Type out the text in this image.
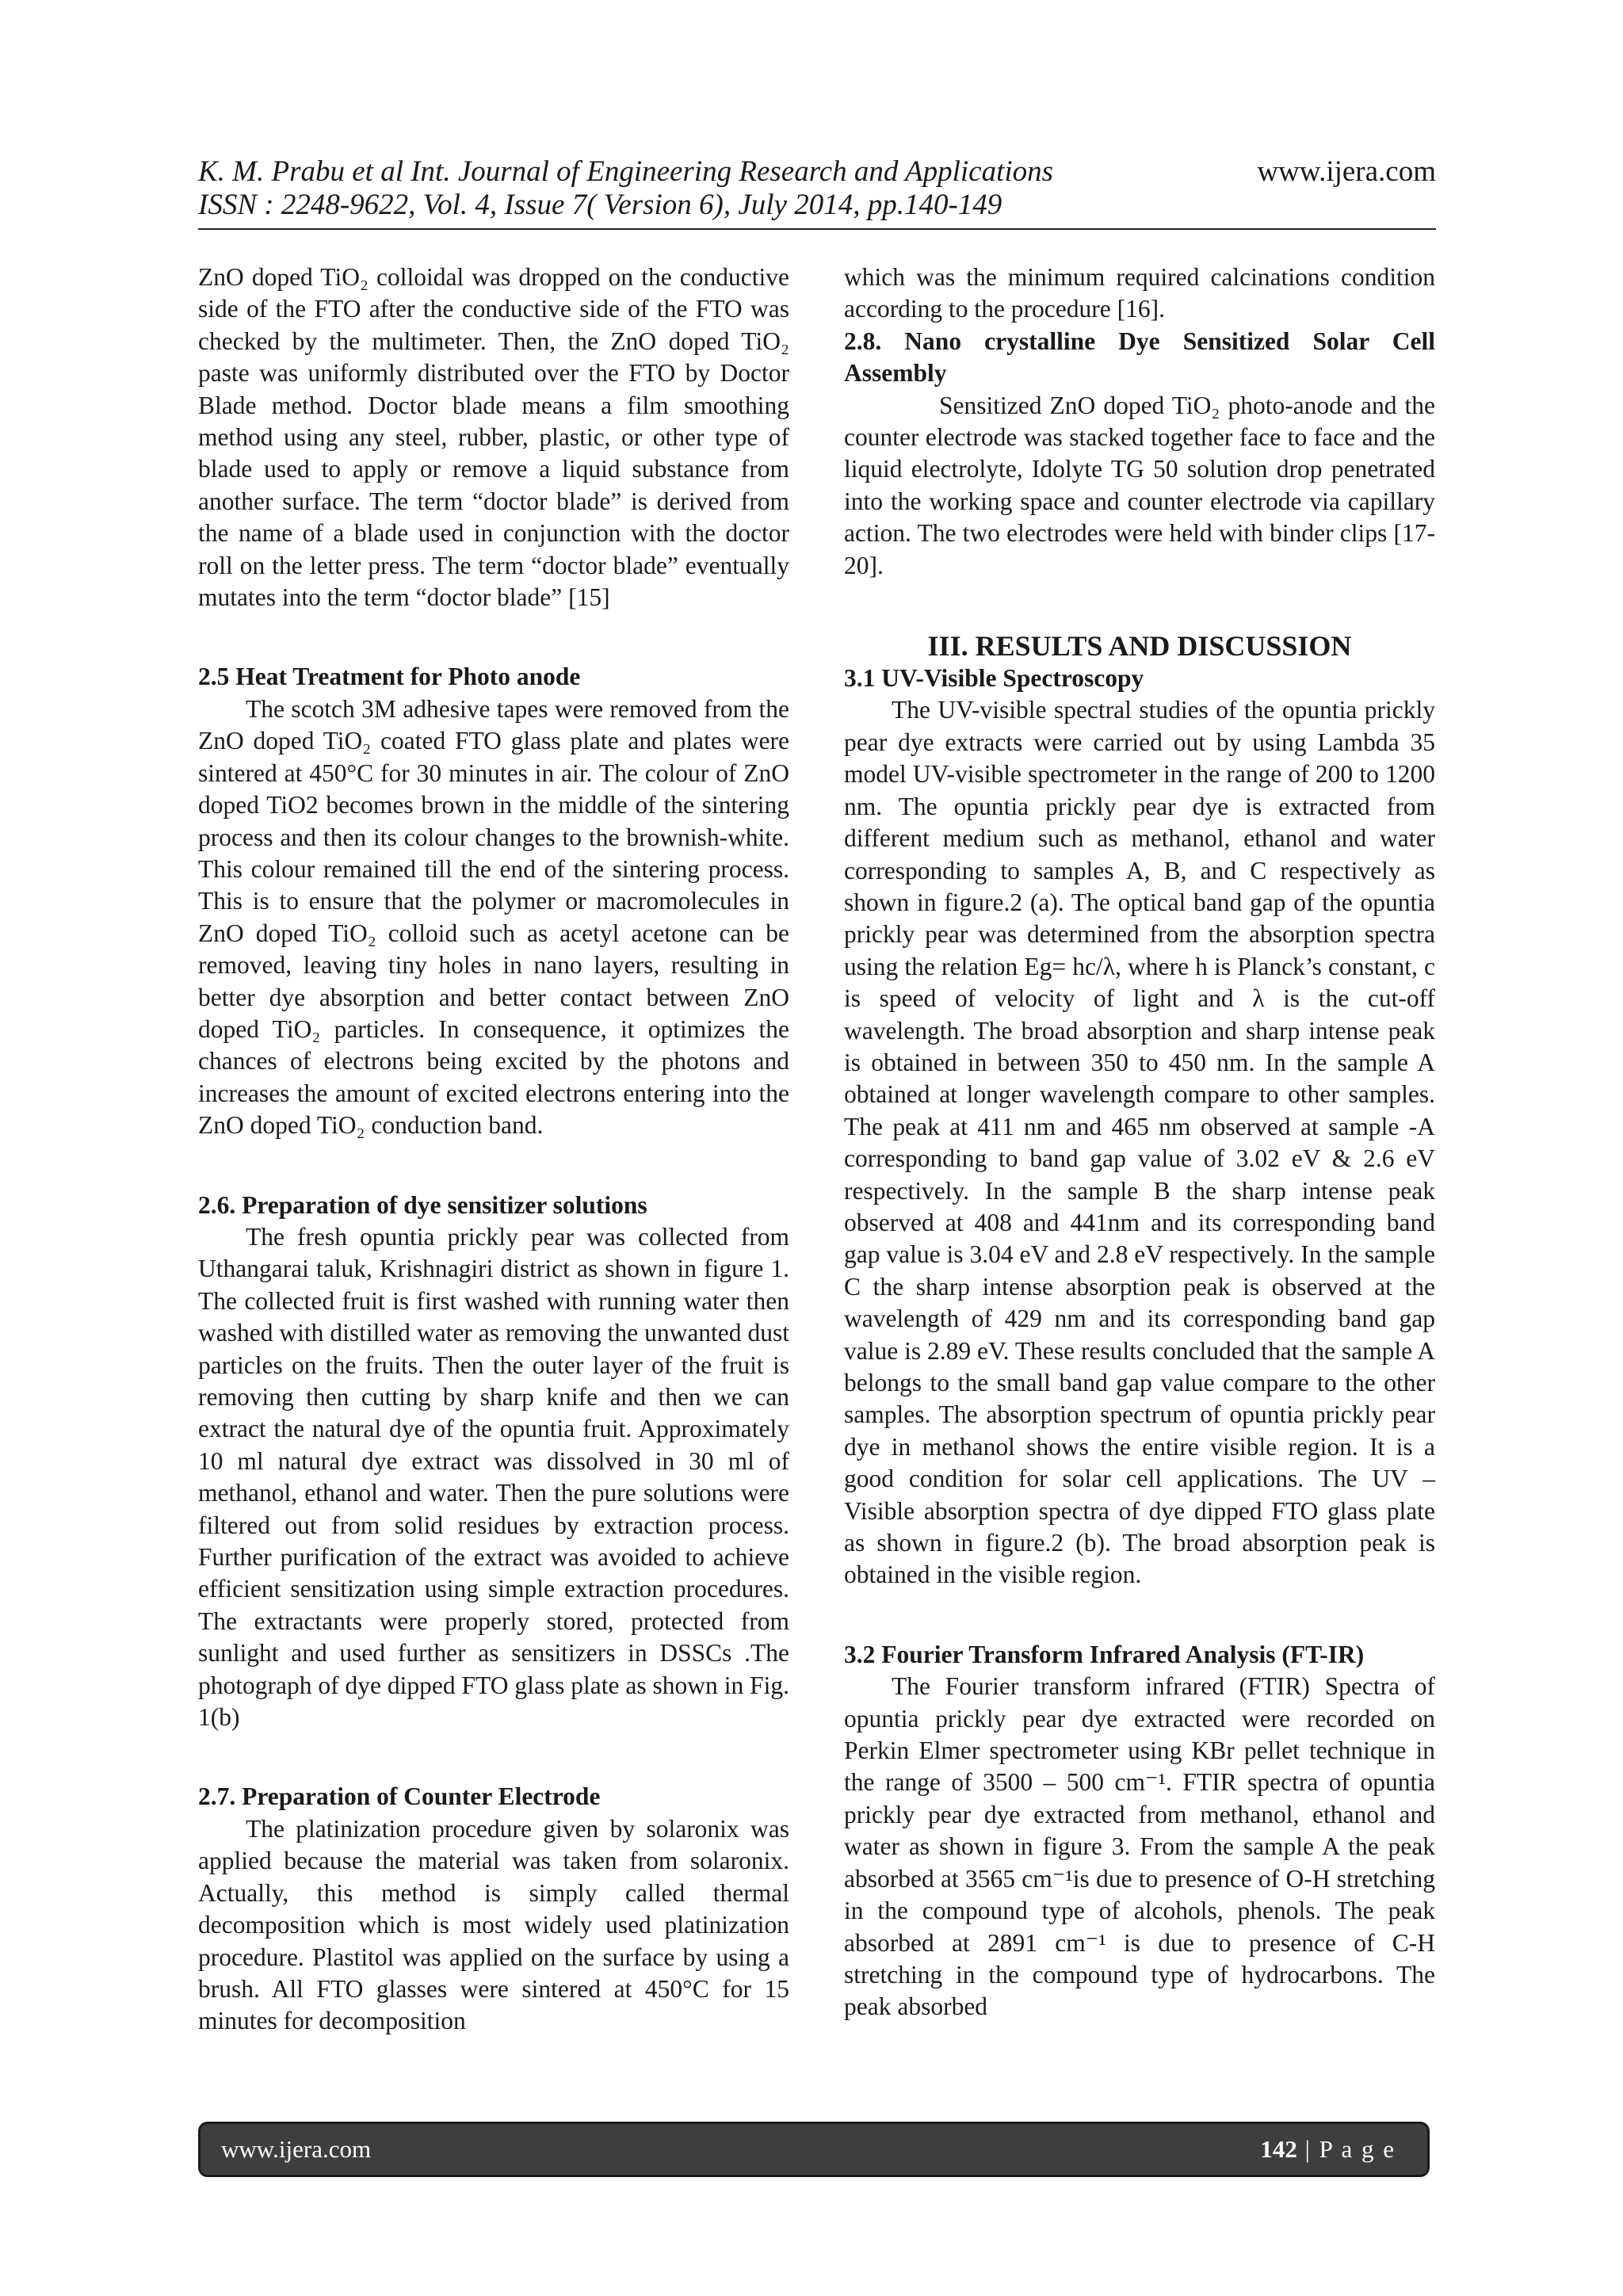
K. M. Prabu et al Int. Journal of Engineering Research and Applications
ISSN : 2248-9622, Vol. 4, Issue 7( Version 6), July 2014, pp.140-149
www.ijera.com

ZnO doped TiO₂ colloidal was dropped on the conductive side of the FTO after the conductive side of the FTO was checked by the multimeter. Then, the ZnO doped TiO₂ paste was uniformly distributed over the FTO by Doctor Blade method. Doctor blade means a film smoothing method using any steel, rubber, plastic, or other type of blade used to apply or remove a liquid substance from another surface. The term “doctor blade” is derived from the name of a blade used in conjunction with the doctor roll on the letter press. The term “doctor blade” eventually mutates into the term “doctor blade” [15]

2.5 Heat Treatment for Photo anode

The scotch 3M adhesive tapes were removed from the ZnO doped TiO₂ coated FTO glass plate and plates were sintered at 450°C for 30 minutes in air. The colour of ZnO doped TiO2 becomes brown in the middle of the sintering process and then its colour changes to the brownish-white. This colour remained till the end of the sintering process. This is to ensure that the polymer or macromolecules in ZnO doped TiO₂ colloid such as acetyl acetone can be removed, leaving tiny holes in nano layers, resulting in better dye absorption and better contact between ZnO doped TiO₂ particles. In consequence, it optimizes the chances of electrons being excited by the photons and increases the amount of excited electrons entering into the ZnO doped TiO₂ conduction band.

2.6. Preparation of dye sensitizer solutions

The fresh opuntia prickly pear was collected from Uthangarai taluk, Krishnagiri district as shown in figure 1. The collected fruit is first washed with running water then washed with distilled water as removing the unwanted dust particles on the fruits. Then the outer layer of the fruit is removing then cutting by sharp knife and then we can extract the natural dye of the opuntia fruit. Approximately 10 ml natural dye extract was dissolved in 30 ml of methanol, ethanol and water. Then the pure solutions were filtered out from solid residues by extraction process. Further purification of the extract was avoided to achieve efficient sensitization using simple extraction procedures. The extractants were properly stored, protected from sunlight and used further as sensitizers in DSSCs .The photograph of dye dipped FTO glass plate as shown in Fig. 1(b)

2.7. Preparation of Counter Electrode

The platinization procedure given by solaronix was applied because the material was taken from solaronix. Actually, this method is simply called thermal decomposition which is most widely used platinization procedure. Plastitol was applied on the surface by using a brush. All FTO glasses were sintered at 450°C for 15 minutes for decomposition

which was the minimum required calcinations condition according to the procedure [16].

2.8. Nano crystalline Dye Sensitized Solar Cell Assembly

Sensitized ZnO doped TiO₂ photo-anode and the counter electrode was stacked together face to face and the liquid electrolyte, Idolyte TG 50 solution drop penetrated into the working space and counter electrode via capillary action. The two electrodes were held with binder clips [17-20].

III. RESULTS AND DISCUSSION
3.1 UV-Visible Spectroscopy

The UV-visible spectral studies of the opuntia prickly pear dye extracts were carried out by using Lambda 35 model UV-visible spectrometer in the range of 200 to 1200 nm. The opuntia prickly pear dye is extracted from different medium such as methanol, ethanol and water corresponding to samples A, B, and C respectively as shown in figure.2 (a). The optical band gap of the opuntia prickly pear was determined from the absorption spectra using the relation Eg= hc/λ, where h is Planck’s constant, c is speed of velocity of light and λ is the cut-off wavelength. The broad absorption and sharp intense peak is obtained in between 350 to 450 nm. In the sample A obtained at longer wavelength compare to other samples. The peak at 411 nm and 465 nm observed at sample -A corresponding to band gap value of 3.02 eV & 2.6 eV respectively. In the sample B the sharp intense peak observed at 408 and 441nm and its corresponding band gap value is 3.04 eV and 2.8 eV respectively. In the sample C the sharp intense absorption peak is observed at the wavelength of 429 nm and its corresponding band gap value is 2.89 eV. These results concluded that the sample A belongs to the small band gap value compare to the other samples. The absorption spectrum of opuntia prickly pear dye in methanol shows the entire visible region. It is a good condition for solar cell applications. The UV –Visible absorption spectra of dye dipped FTO glass plate as shown in figure.2 (b). The broad absorption peak is obtained in the visible region.

3.2 Fourier Transform Infrared Analysis (FT-IR)

The Fourier transform infrared (FTIR) Spectra of opuntia prickly pear dye extracted were recorded on Perkin Elmer spectrometer using KBr pellet technique in the range of 3500 – 500 cm⁻¹. FTIR spectra of opuntia prickly pear dye extracted from methanol, ethanol and water as shown in figure 3. From the sample A the peak absorbed at 3565 cm⁻¹is due to presence of O-H stretching in the compound type of alcohols, phenols. The peak absorbed at 2891 cm⁻¹ is due to presence of C-H stretching in the compound type of hydrocarbons. The peak absorbed

www.ijera.com	142 | P a g e
